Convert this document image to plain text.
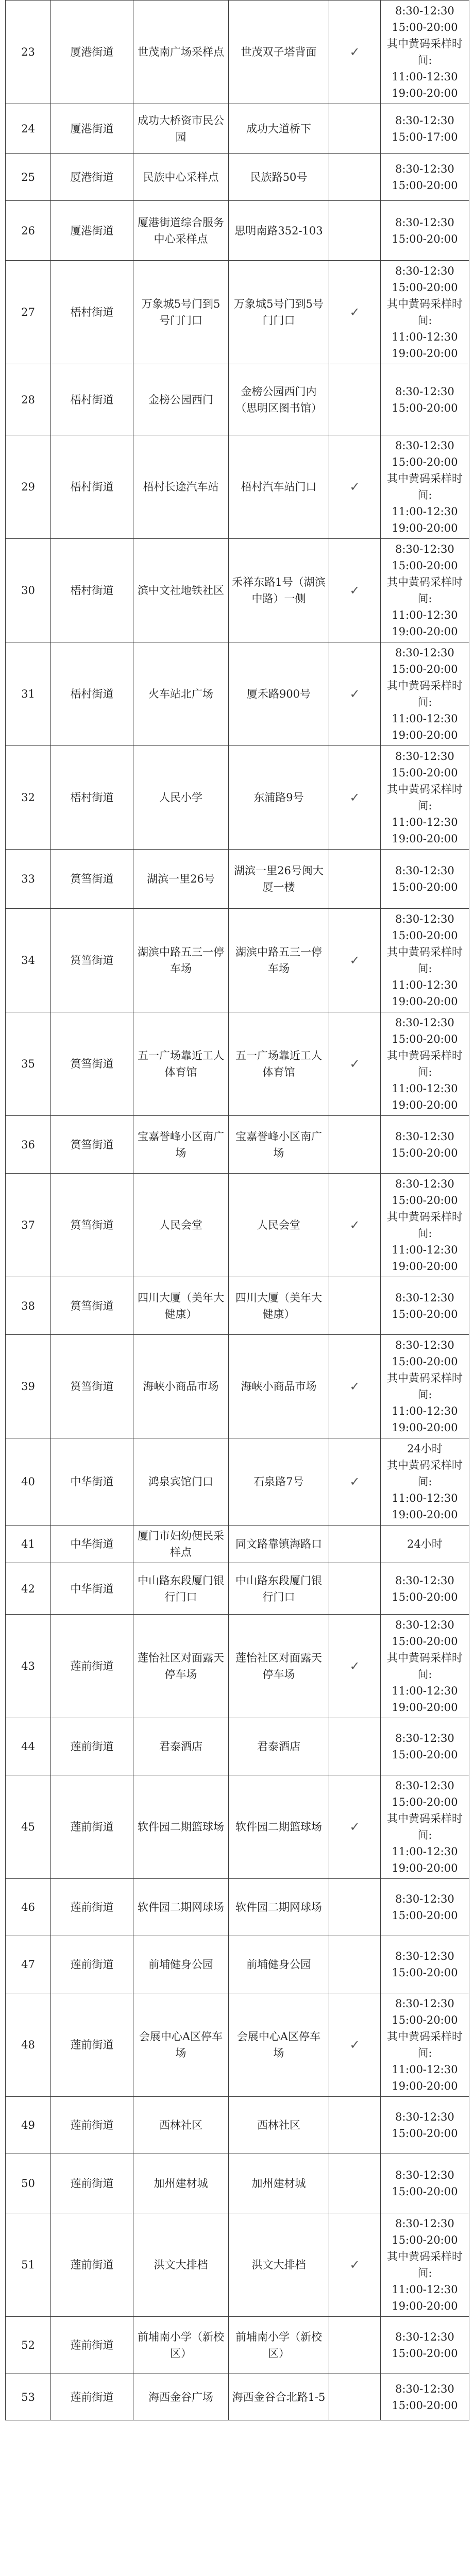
23	厦港街道	世茂南广场采样点	世茂双子塔背面	✓	8:30-12:30
15:00-20:00
其中黄码采样时间:
11:00-12:30
19:00-20:00

24	厦港街道	成功大桥资市民公园	成功大道桥下		8:30-12:30
15:00-17:00

25	厦港街道	民族中心采样点	民族路50号		8:30-12:30
15:00-20:00

26	厦港街道	厦港街道综合服务中心采样点	思明南路352-103		8:30-12:30
15:00-20:00

27	梧村街道	万象城5号门到5号门门口	万象城5号门到5号门门口	✓	8:30-12:30
15:00-20:00
其中黄码采样时间:
11:00-12:30
19:00-20:00

28	梧村街道	金榜公园西门	金榜公园西门内（思明区图书馆）		8:30-12:30
15:00-20:00

29	梧村街道	梧村长途汽车站	梧村汽车站门口	✓	8:30-12:30
15:00-20:00
其中黄码采样时间:
11:00-12:30
19:00-20:00

30	梧村街道	滨中文社地铁社区	禾祥东路1号（湖滨中路）一侧	✓	8:30-12:30
15:00-20:00
其中黄码采样时间:
11:00-12:30
19:00-20:00

31	梧村街道	火车站北广场	厦禾路900号	✓	8:30-12:30
15:00-20:00
其中黄码采样时间:
11:00-12:30
19:00-20:00

32	梧村街道	人民小学	东浦路9号	✓	8:30-12:30
15:00-20:00
其中黄码采样时间:
11:00-12:30
19:00-20:00

33	筼筜街道	湖滨一里26号	湖滨一里26号闽大厦一楼		8:30-12:30
15:00-20:00

34	筼筜街道	湖滨中路五三一停车场	湖滨中路五三一停车场	✓	8:30-12:30
15:00-20:00
其中黄码采样时间:
11:00-12:30
19:00-20:00

35	筼筜街道	五一广场靠近工人体育馆	五一广场靠近工人体育馆	✓	8:30-12:30
15:00-20:00
其中黄码采样时间:
11:00-12:30
19:00-20:00

36	筼筜街道	宝嘉誉峰小区南广场	宝嘉誉峰小区南广场		8:30-12:30
15:00-20:00

37	筼筜街道	人民会堂	人民会堂	✓	8:30-12:30
15:00-20:00
其中黄码采样时间:
11:00-12:30
19:00-20:00

38	筼筜街道	四川大厦（美年大健康）	四川大厦（美年大健康）		8:30-12:30
15:00-20:00

39	筼筜街道	海峡小商品市场	海峡小商品市场	✓	8:30-12:30
15:00-20:00
其中黄码采样时间:
11:00-12:30
19:00-20:00

40	中华街道	鸿泉宾馆门口	石泉路7号	✓	24小时
其中黄码采样时间:
11:00-12:30
19:00-20:00

41	中华街道	厦门市妇幼便民采样点	同文路靠镇海路口		24小时

42	中华街道	中山路东段厦门银行门口	中山路东段厦门银行门口		8:30-12:30
15:00-20:00

43	莲前街道	莲怡社区对面露天停车场	莲怡社区对面露天停车场	✓	8:30-12:30
15:00-20:00
其中黄码采样时间:
11:00-12:30
19:00-20:00

44	莲前街道	君泰酒店	君泰酒店		8:30-12:30
15:00-20:00

45	莲前街道	软件园二期篮球场	软件园二期篮球场	✓	8:30-12:30
15:00-20:00
其中黄码采样时间:
11:00-12:30
19:00-20:00

46	莲前街道	软件园二期网球场	软件园二期网球场		8:30-12:30
15:00-20:00

47	莲前街道	前埔健身公园	前埔健身公园		8:30-12:30
15:00-20:00

48	莲前街道	会展中心A区停车场	会展中心A区停车场	✓	8:30-12:30
15:00-20:00
其中黄码采样时间:
11:00-12:30
19:00-20:00

49	莲前街道	西林社区	西林社区		8:30-12:30
15:00-20:00

50	莲前街道	加州建材城	加州建材城		8:30-12:30
15:00-20:00

51	莲前街道	洪文大排档	洪文大排档	✓	8:30-12:30
15:00-20:00
其中黄码采样时间:
11:00-12:30
19:00-20:00

52	莲前街道	前埔南小学（新校区）	前埔南小学（新校区）		8:30-12:30
15:00-20:00

53	莲前街道	海西金谷广场	海西金谷合北路1-5		8:30-12:30
15:00-20:00
